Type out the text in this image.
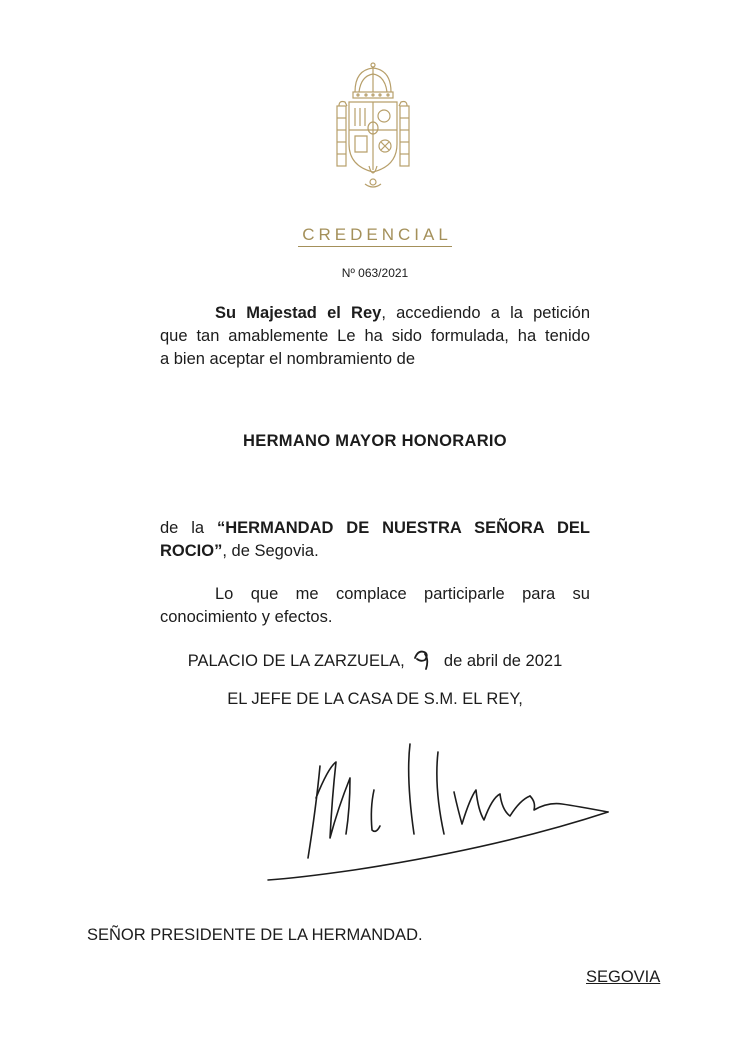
CREDENCIAL
Nº 063/2021
Su Majestad el Rey, accediendo a la petición
que tan amablemente Le ha sido formulada, ha tenido
a bien aceptar el nombramiento de
HERMANO MAYOR HONORARIO
de la “HERMANDAD DE NUESTRA SEÑORA DEL
ROCIO”, de Segovia.
Lo que me complace participarle para su
conocimiento y efectos.
PALACIO DE LA ZARZUELA, de abril de 2021
EL JEFE DE LA CASA DE S.M. EL REY,
SEÑOR PRESIDENTE DE LA HERMANDAD.
SEGOVIA
